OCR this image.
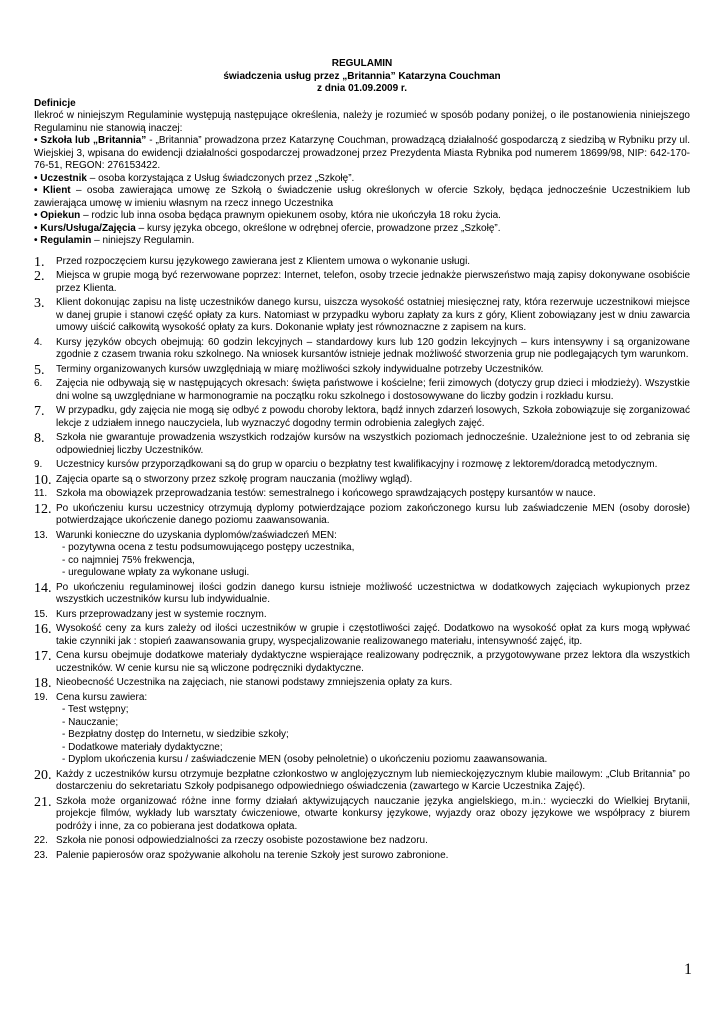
REGULAMIN
świadczenia usług przez „Britannia” Katarzyna Couchman
z dnia 01.09.2009 r.
Definicje

Ilekroć w niniejszym Regulaminie występują następujące określenia, należy je rozumieć w sposób podany poniżej, o ile postanowienia niniejszego Regulaminu nie stanowią inaczej:

• Szkoła lub „Britannia” - „Britannia” prowadzona przez Katarzynę Couchman, prowadzącą działalność gospodarczą z siedzibą w Rybniku przy ul. Wiejskiej 3, wpisana do ewidencji działalności gospodarczej prowadzonej przez Prezydenta Miasta Rybnika pod numerem 18699/98, NIP: 642-170-76-51, REGON: 276153422.

• Uczestnik – osoba korzystająca z Usług świadczonych przez „Szkołę”.

• Klient – osoba zawierająca umowę ze Szkołą o świadczenie usług określonych w ofercie Szkoły, będąca jednocześnie Uczestnikiem lub zawierająca umowę w imieniu własnym na rzecz innego Uczestnika

• Opiekun – rodzic lub inna osoba będąca prawnym opiekunem osoby, która nie ukończyła 18 roku życia.

• Kurs/Usługa/Zajęcia – kursy języka obcego, określone w odrębnej ofercie, prowadzone przez „Szkołę”.

• Regulamin – niniejszy Regulamin.

1.	Przed rozpoczęciem kursu językowego zawierana jest z Klientem umowa o wykonanie usługi.
2.	Miejsca w grupie mogą być rezerwowane poprzez: Internet, telefon, osoby trzecie jednakże pierwszeństwo mają zapisy dokonywane osobiście przez Klienta.
3.	Klient dokonując zapisu na listę uczestników danego kursu, uiszcza wysokość ostatniej miesięcznej raty, która rezerwuje uczestnikowi miejsce w danej grupie i stanowi część opłaty za kurs. Natomiast w przypadku wyboru zapłaty za kurs z góry, Klient zobowiązany jest w dniu zawarcia umowy uiścić całkowitą wysokość opłaty za kurs. Dokonanie wpłaty jest równoznaczne z zapisem na kurs.
4.	Kursy języków obcych obejmują: 60 godzin lekcyjnych – standardowy kurs lub 120 godzin lekcyjnych – kurs intensywny i są organizowane zgodnie z czasem trwania roku szkolnego. Na wniosek kursantów istnieje jednak możliwość stworzenia grup nie podlegających tym warunkom.
5.	Terminy organizowanych kursów uwzględniają w miarę możliwości szkoły indywidualne potrzeby Uczestników.
6.	Zajęcia nie odbywają się w następujących okresach: święta państwowe i kościelne; ferii zimowych (dotyczy grup dzieci i młodzieży). Wszystkie dni wolne są uwzględniane w harmonogramie na początku roku szkolnego i dostosowywane do liczby godzin i rozkładu kursu.
7.	W przypadku, gdy zajęcia nie mogą się odbyć z powodu choroby lektora, bądź innych zdarzeń losowych, Szkoła zobowiązuje się zorganizować lekcje z udziałem innego nauczyciela, lub wyznaczyć dogodny termin odrobienia zaległych zajęć.
8.	Szkoła nie gwarantuje prowadzenia wszystkich rodzajów kursów na wszystkich poziomach jednocześnie. Uzależnione jest to od zebrania się odpowiedniej liczby Uczestników.
9.	Uczestnicy kursów przyporządkowani są do grup w oparciu o bezpłatny test kwalifikacyjny i rozmowę z lektorem/doradcą metodycznym.
10. Zajęcia oparte są o stworzony przez szkołę program nauczania (możliwy wgląd).
11. Szkoła ma obowiązek przeprowadzania testów: semestralnego i końcowego sprawdzających postępy kursantów w nauce.
12. Po ukończeniu kursu uczestnicy otrzymują dyplomy potwierdzające poziom zakończonego kursu lub zaświadczenie MEN (osoby dorosłe) potwierdzające ukończenie danego poziomu zaawansowania.
13. Warunki konieczne do uzyskania dyplomów/zaświadczeń MEN:
- pozytywna ocena z testu podsumowującego postępy uczestnika,
- co najmniej 75% frekwencja,
- uregulowane wpłaty za wykonane usługi.
14. Po ukończeniu regulaminowej ilości godzin danego kursu istnieje możliwość uczestnictwa w dodatkowych zajęciach wykupionych przez wszystkich uczestników kursu lub indywidualnie.
15. Kurs przeprowadzany jest w systemie rocznym.
16. Wysokość ceny za kurs zależy od ilości uczestników w grupie i częstotliwości zajęć. Dodatkowo na wysokość opłat za kurs mogą wpływać takie czynniki jak : stopień zaawansowania grupy, wyspecjalizowanie realizowanego materiału, intensywność zajęć, itp.
17. Cena kursu obejmuje dodatkowe materiały dydaktyczne wspierające realizowany podręcznik, a przygotowywane przez lektora dla wszystkich uczestników. W cenie kursu nie są wliczone podręczniki dydaktyczne.
18. Nieobecność Uczestnika na zajęciach, nie stanowi podstawy zmniejszenia opłaty za kurs.
19. Cena kursu zawiera:
- Test wstępny;
- Nauczanie;
- Bezpłatny dostęp do Internetu, w siedzibie szkoły;
- Dodatkowe materiały dydaktyczne;
- Dyplom ukończenia kursu / zaświadczenie MEN (osoby pełnoletnie) o ukończeniu poziomu zaawansowania.
20. Każdy z uczestników kursu otrzymuje bezpłatne członkostwo w anglojęzycznym lub niemieckojęzycznym klubie mailowym: „Club Britannia” po dostarczeniu do sekretariatu Szkoły podpisanego odpowiedniego oświadczenia (zawartego w Karcie Uczestnika Zajęć).
21. Szkoła może organizować różne inne formy działań aktywizujących nauczanie języka angielskiego, m.in.: wycieczki do Wielkiej Brytanii, projekcje filmów, wykłady lub warsztaty ćwiczeniowe, otwarte konkursy językowe, wyjazdy oraz obozy językowe we współpracy z biurem podróży i inne, za co pobierana jest dodatkowa opłata.
22. Szkoła nie ponosi odpowiedzialności za rzeczy osobiste pozostawione bez nadzoru.
23. Palenie papierosów oraz spożywanie alkoholu na terenie Szkoły jest surowo zabronione.
1
